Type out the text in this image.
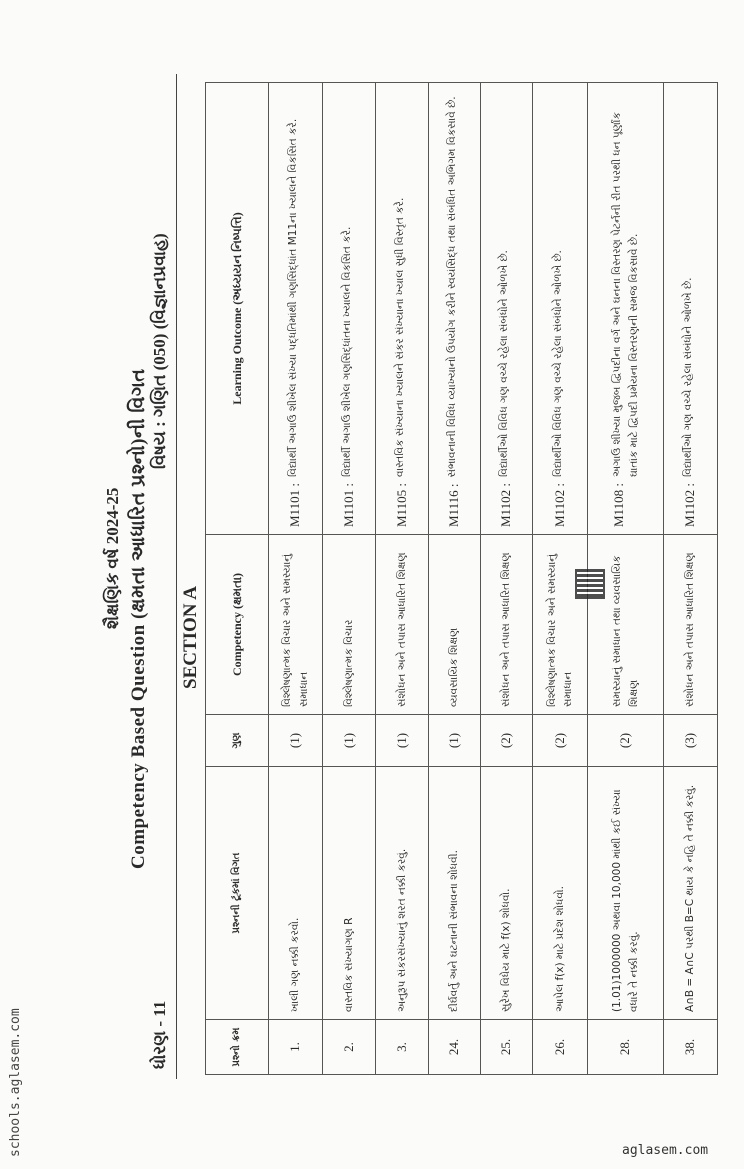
schools.aglasem.com
શૈક્ષણિક વર્ષ 2024-25 Competency Based Question (ક્ષમતા આધારિત પ્રશ્નો)ની વિગત
ધોરણ - 11
વિષય : ગણિત (050) (વિજ્ઞાનપ્રવાહ)
SECTION A
પ્રશ્નો ક્રમ	પ્રશ્નની ટૂંકમાં વિગત	ગુણ	Competency (ક્ષમતા)	Learning Outcome (અધ્યયન નિષ્પત્તિ)
1.	ખાલી ગણ નક્કી કરવો.	(1)	વિશ્લેષણાત્મક વિચાર અને સમસ્યાનું સમાધાન	M1101 :
વિદ્યાર્થી અગાઉ શીખેલ સંખ્યા પદ્ધતિમાંથી ગણસિદ્ધાંત M11ના ખ્યાલને વિકસિત કરે.

2.	વાસ્તવિક સંખ્યાગણ R	(1)	વિશ્લેષણાત્મક વિચાર	M1101 :
વિદ્યાર્થી અગાઉ શીખેલ ગણસિદ્ધાંતના ખ્યાલને વિકસિત કરે.

3.	અનુરૂપ સંકરસંખ્યાનું શરત નક્કી કરવું.	(1)	સંશોધન અને તપાસ આધારિત શિક્ષણ	M1105 :
વાસ્તવિક સંખ્યાના ખ્યાલને સંકર સંખ્યાના ખ્યાલ સુધી વિસ્તૃત કરે.

24.	દીર્ઘવર્તુ અને ઘટનાની સંભાવના શોધવી.	(1)	વ્યવસાયિક શિક્ષણ	M1116 :
સંભાવનાની વિવિધ વ્યાખ્યાનો ઉપયોગ કરીને સ્વયંસિદ્ધ તથા સંબંધિત અભિગમ વિકસાવે છે.

25.	સુરેખ વિધેય માટે f(x) શોધવો.	(2)	સંશોધન અને તપાસ આધારિત શિક્ષણ	M1102 :
વિદ્યાર્થીઓ વિવિધ ગણ વચ્ચે રહેલા સંબંધોને ઓળખે છે.

26.	આપેલ f(x) માટે પ્રદેશ શોધવો.	(2)	વિશ્લેષણાત્મક વિચાર અને સમસ્યાનું સમાધાન	M1102 :
વિદ્યાર્થીઓ વિવિધ ગણ વચ્ચે રહેલા સંબંધોને ઓળખે છે.

28.	(1.01)1000000 અથવા 10,000 માંથી કઈ સંખ્યા વધારે તે નક્કી કરવું.	(2)	સમસ્યાનું સમાધાન તથા વ્યવસાયિક શિક્ષણ	M1108 :
અગાઉ શીખ્યા મુજબ દ્વિપદીના વર્ગ અને ઘનના વિસ્તરણ પેટર્નની રીત પરથી ધન પૂર્ણાંક ઘાતાંક માટે દ્વિપદી પ્રમેયના વિસ્તરણની સમજ વિકસાવે છે.

38.	A∩B = A∩C પરથી B=C થાય કે નહિ તે નક્કી કરવું.	(3)	સંશોધન અને તપાસ આધારિત શિક્ષણ	M1102 :
વિદ્યાર્થીઓ ગણ વચ્ચે રહેલા સંબંધોને ઓળખે છે.
aglasem.com
